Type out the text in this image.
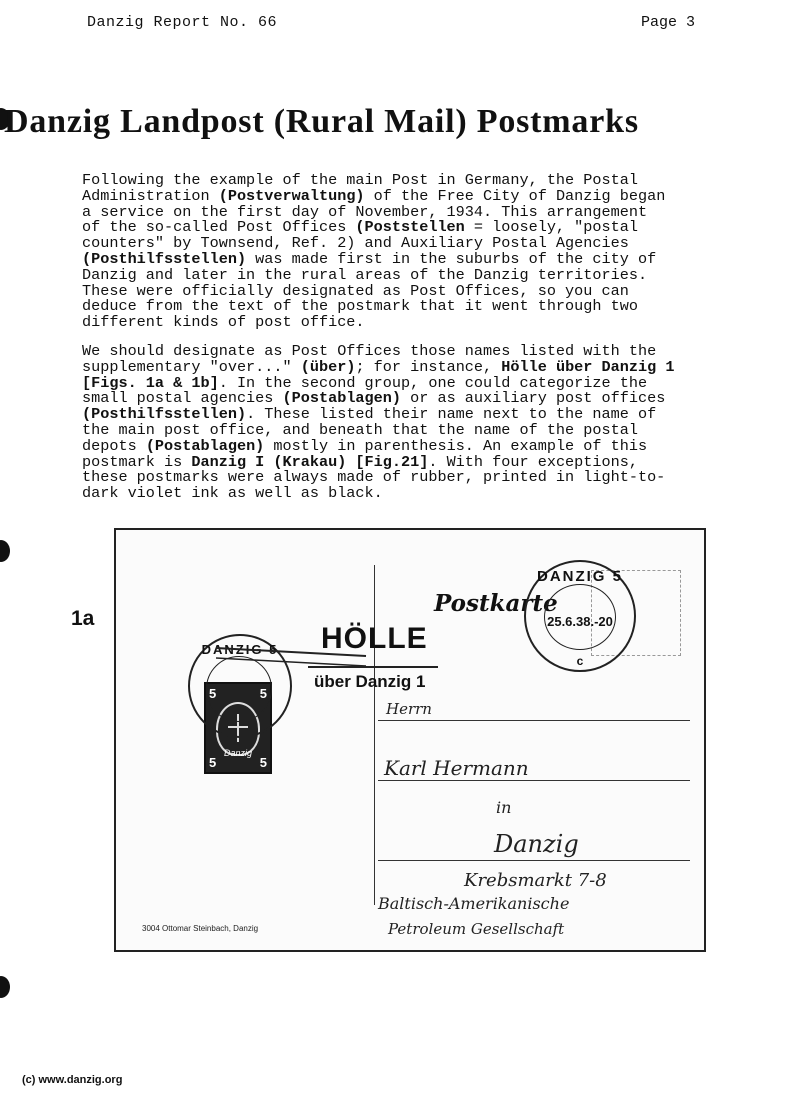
Danzig Report No. 66	Page 3
Danzig Landpost (Rural Mail) Postmarks
Following the example of the main Post in Germany, the Postal
Administration (Postverwaltung) of the Free City of Danzig began
a service on the first day of November, 1934. This arrangement
of the so-called Post Offices (Poststellen = loosely, "postal
counters" by Townsend, Ref. 2) and Auxiliary Postal Agencies
(Posthilfsstellen) was made first in the suburbs of the city of
Danzig and later in the rural areas of the Danzig territories.
These were officially designated as Post Offices, so you can
deduce from the text of the postmark that it went through two
different kinds of post office.
We should designate as Post Offices those names listed with the
supplementary "over..." (über); for instance, Hölle über Danzig 1
[Figs. 1a & 1b]. In the second group, one could categorize the
small postal agencies (Postablagen) or as auxiliary post offices
(Posthilfsstellen). These listed their name next to the name of
the main post office, and beneath that the name of the postal
depots (Postablagen) mostly in parenthesis. An example of this
postmark is Danzig I (Krakau) [Fig.21]. With four exceptions,
these postmarks were always made of rubber, printed in light-to-
dark violet ink as well as black.
1a
Postkarte
DANZIG 5
25.6.38.-20
c
5	5
5	5
Danzig
DANZIG 5	HÖLLE
über Danzig 1
Herrn
Karl Hermann
in
Danzig
Krebsmarkt 7-8
Baltisch-Amerikanische
Petroleum Gesellschaft
3004 Ottomar Steinbach, Danzig
(c) www.danzig.org
